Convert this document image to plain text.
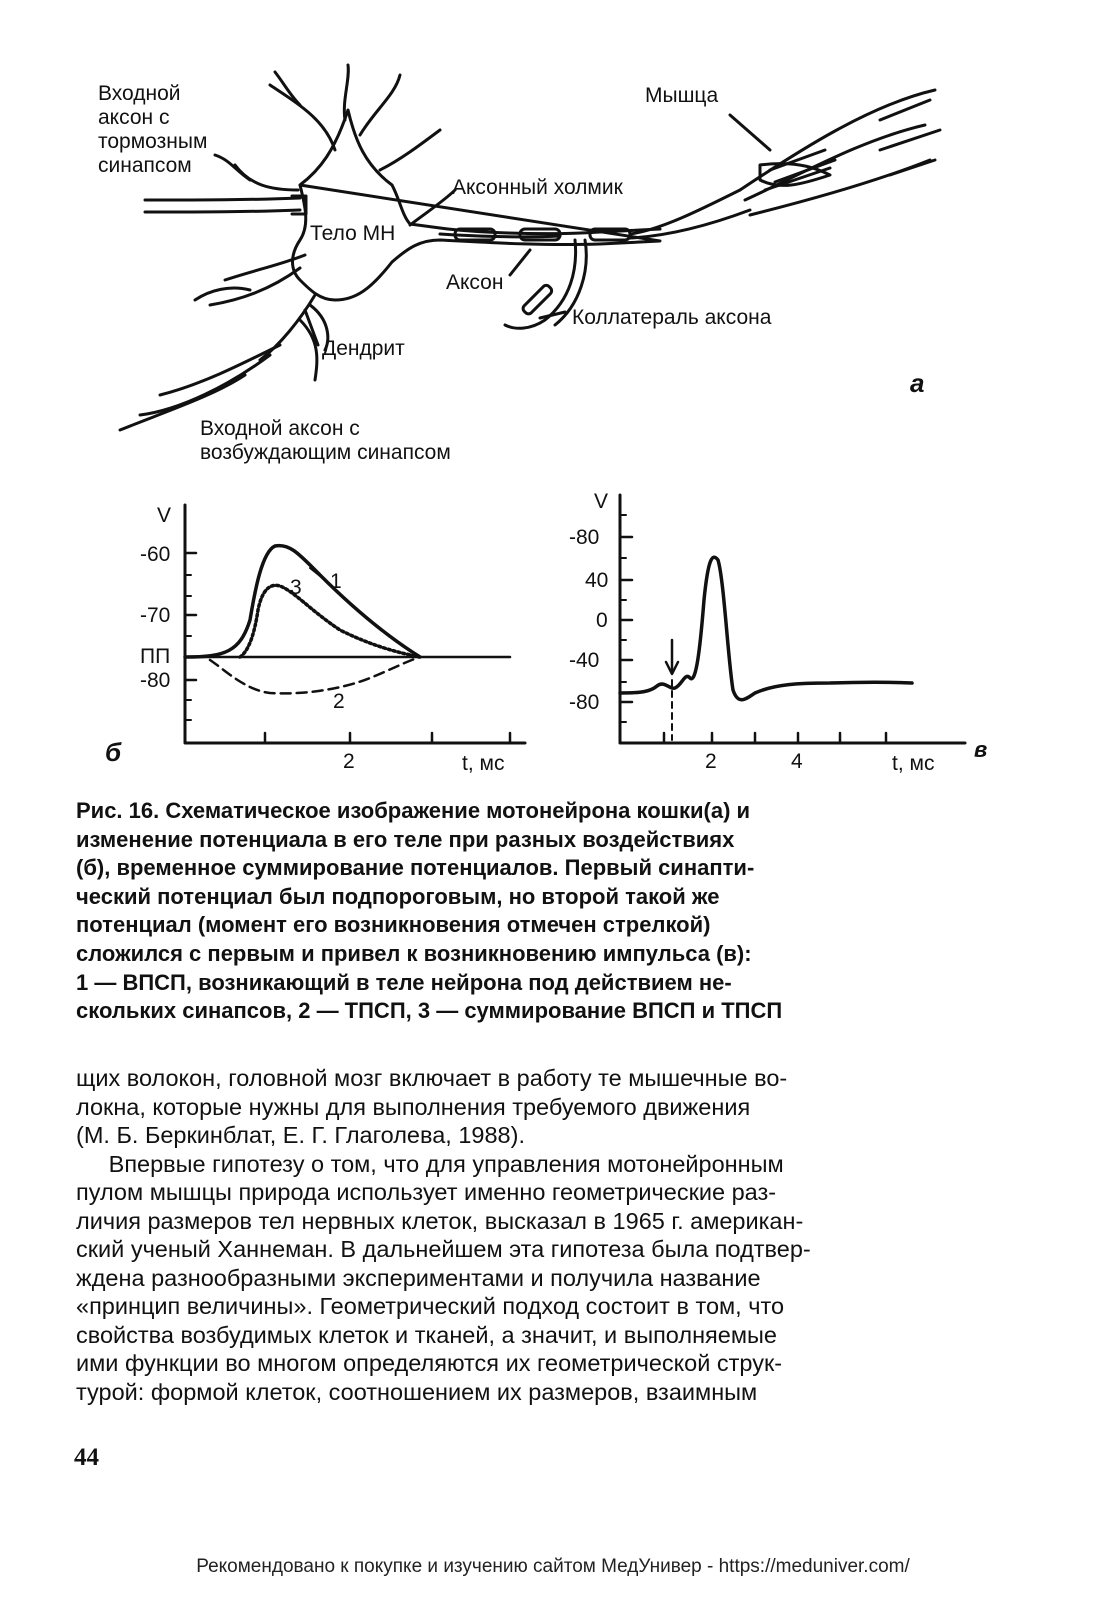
Входной
аксон с
тормозным
синапсом
Мышца
Аксонный холмик
Тело МН
Аксон
Коллатераль аксона
Дендрит
Входной аксон с
возбуждающим синапсом
а
V
-60
-70
ПП
-80
2	t, мс
1
3
2
б
V
-80
40
0
-40
-80
2	4	t, мс
в
Рис. 16. Схематическое изображение мотонейрона кошки(а) и
изменение потенциала в его теле при разных воздействиях
(б), временное суммирование потенциалов. Первый синапти-
ческий потенциал был подпороговым, но второй такой же
потенциал (момент его возникновения отмечен стрелкой)
сложился с первым и привел к возникновению импульса (в):
1 — ВПСП, возникающий в теле нейрона под действием не-
скольких синапсов, 2 — ТПСП, 3 — суммирование ВПСП и ТПСП
щих волокон, головной мозг включает в работу те мышечные во-
локна, которые нужны для выполнения требуемого движения
(М. Б. Беркинблат, Е. Г. Глаголева, 1988).
Впервые гипотезу о том, что для управления мотонейронным
пулом мышцы природа использует именно геометрические раз-
личия размеров тел нервных клеток, высказал в 1965 г. американ-
ский ученый Ханнеман. В дальнейшем эта гипотеза была подтвер-
ждена разнообразными экспериментами и получила название
«принцип величины». Геометрический подход состоит в том, что
свойства возбудимых клеток и тканей, а значит, и выполняемые
ими функции во многом определяются их геометрической струк-
турой: формой клеток, соотношением их размеров, взаимным
44
Рекомендовано к покупке и изучению сайтом МедУнивер - https://meduniver.com/
